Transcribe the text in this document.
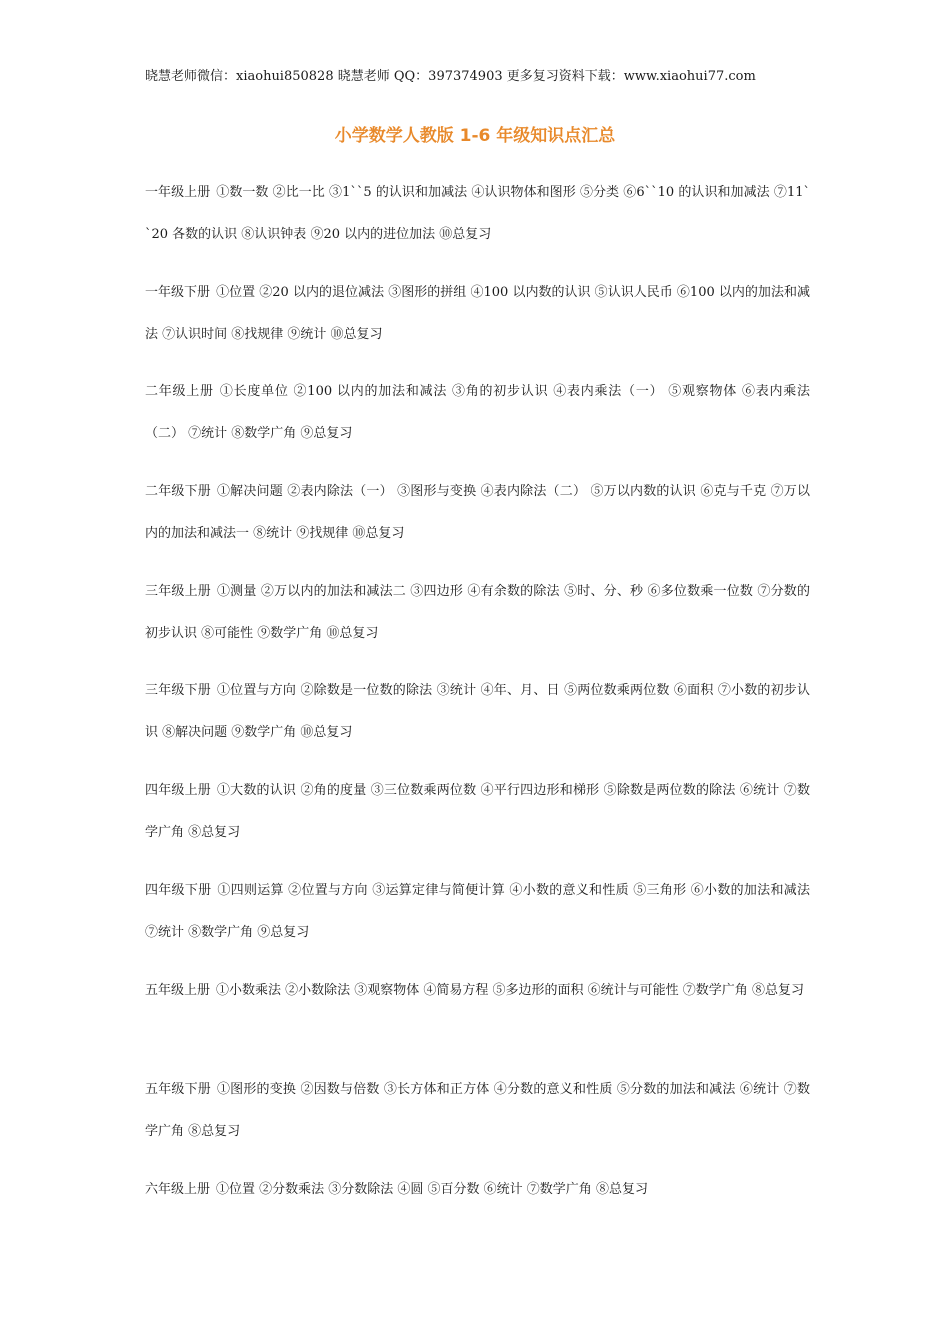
晓慧老师微信：xiaohui850828 晓慧老师 QQ：397374903 更多复习资料下载：www.xiaohui77.com
小学数学人教版 1-6 年级知识点汇总
一年级上册 ①数一数 ②比一比 ③1``5 的认识和加减法 ④认识物体和图形 ⑤分类 ⑥6``10 的认识和加减法 ⑦11``20 各数的认识 ⑧认识钟表 ⑨20 以内的进位加法 ⑩总复习
一年级下册 ①位置 ②20 以内的退位减法 ③图形的拼组 ④100 以内数的认识 ⑤认识人民币 ⑥100 以内的加法和减法 ⑦认识时间 ⑧找规律 ⑨统计 ⑩总复习
二年级上册 ①长度单位 ②100 以内的加法和减法 ③角的初步认识 ④表内乘法（一） ⑤观察物体 ⑥表内乘法（二） ⑦统计 ⑧数学广角 ⑨总复习
二年级下册 ①解决问题 ②表内除法（一） ③图形与变换 ④表内除法（二） ⑤万以内数的认识 ⑥克与千克 ⑦万以内的加法和减法一 ⑧统计 ⑨找规律 ⑩总复习
三年级上册 ①测量 ②万以内的加法和减法二 ③四边形 ④有余数的除法 ⑤时、分、秒 ⑥多位数乘一位数 ⑦分数的初步认识 ⑧可能性 ⑨数学广角 ⑩总复习
三年级下册 ①位置与方向 ②除数是一位数的除法 ③统计 ④年、月、日 ⑤两位数乘两位数 ⑥面积 ⑦小数的初步认识 ⑧解决问题 ⑨数学广角 ⑩总复习
四年级上册 ①大数的认识 ②角的度量 ③三位数乘两位数 ④平行四边形和梯形 ⑤除数是两位数的除法 ⑥统计 ⑦数学广角 ⑧总复习
四年级下册 ①四则运算 ②位置与方向 ③运算定律与简便计算 ④小数的意义和性质 ⑤三角形 ⑥小数的加法和减法 ⑦统计 ⑧数学广角 ⑨总复习
五年级上册 ①小数乘法 ②小数除法 ③观察物体 ④简易方程 ⑤多边形的面积 ⑥统计与可能性 ⑦数学广角 ⑧总复习
五年级下册 ①图形的变换 ②因数与倍数 ③长方体和正方体 ④分数的意义和性质 ⑤分数的加法和减法 ⑥统计 ⑦数学广角 ⑧总复习
六年级上册 ①位置 ②分数乘法 ③分数除法 ④圆 ⑤百分数 ⑥统计 ⑦数学广角 ⑧总复习
